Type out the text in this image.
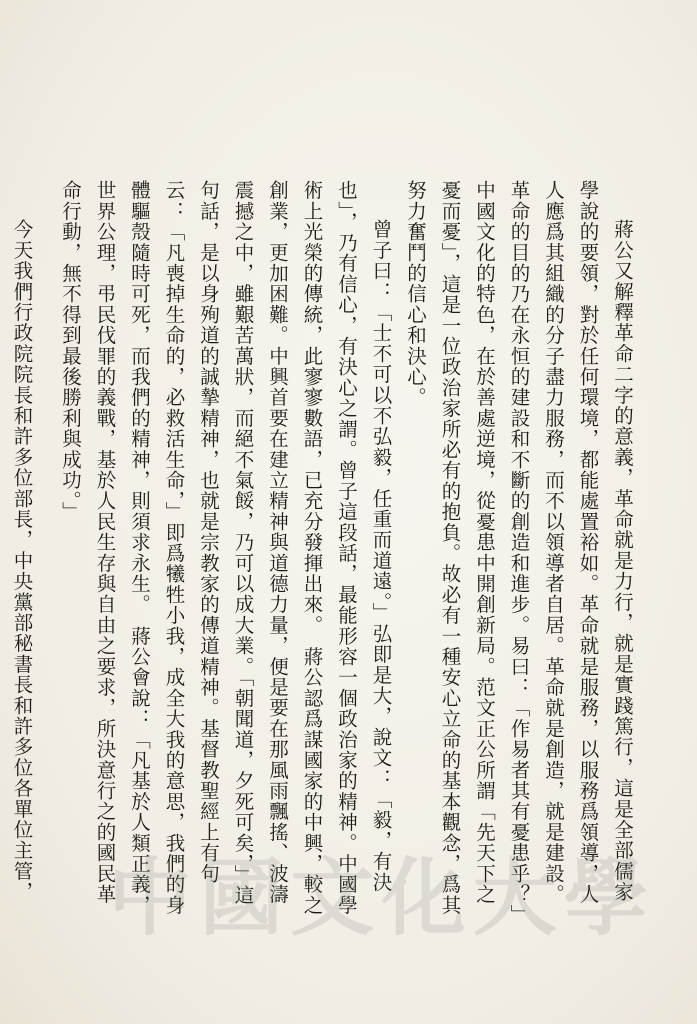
蔣公又解釋革命二字的意義，革命就是力行，就是實踐篤行，這是全部儒家學說的要領，對於任何環境，都能處置裕如。革命就是服務，以服務爲領導，人人應爲其組織的分子盡力服務，而不以領導者自居。革命就是創造，就是建設。革命的目的乃在永恒的建設和不斷的創造和進步。易曰：「作易者其有憂患乎？」中國文化的特色，在於善處逆境，從憂患中開創新局。范文正公所謂「先天下之憂而憂」，這是一位政治家所必有的抱負。故必有一種安心立命的基本觀念，爲其努力奮鬥的信心和決心。

曾子曰：「士不可以不弘毅，任重而道遠。」弘即是大，說文：「毅，有決也」，乃有信心，有決心之謂。曾子這段話，最能形容一個政治家的精神。中國學術上光榮的傳統，此寥寥數語，已充分發揮出來。　蔣公認爲謀國家的中興，較之創業，更加困難。中興首要在建立精神與道德力量，便是要在那風雨飄搖、波濤震撼之中，雖艱苦萬狀，而絕不氣餒，乃可以成大業。「朝聞道，夕死可矣，」這句話，是以身殉道的誠摯精神，也就是宗教家的傳道精神。基督教聖經上有句云：「凡喪掉生命的，必救活生命，」即爲犧牲小我，成全大我的意思，我們的身體驅殼隨時可死，而我們的精神，則須求永生。　蔣公會說：「凡基於人類正義，世界公理，弔民伐罪的義戰，基於人民生存與自由之要求，所決意行之的國民革命行動，無不得到最後勝利與成功。」

今天我們行政院院長和許多位部長，中央黨部秘書長和許多位各單位主管， 中 國 文 化 大 學
